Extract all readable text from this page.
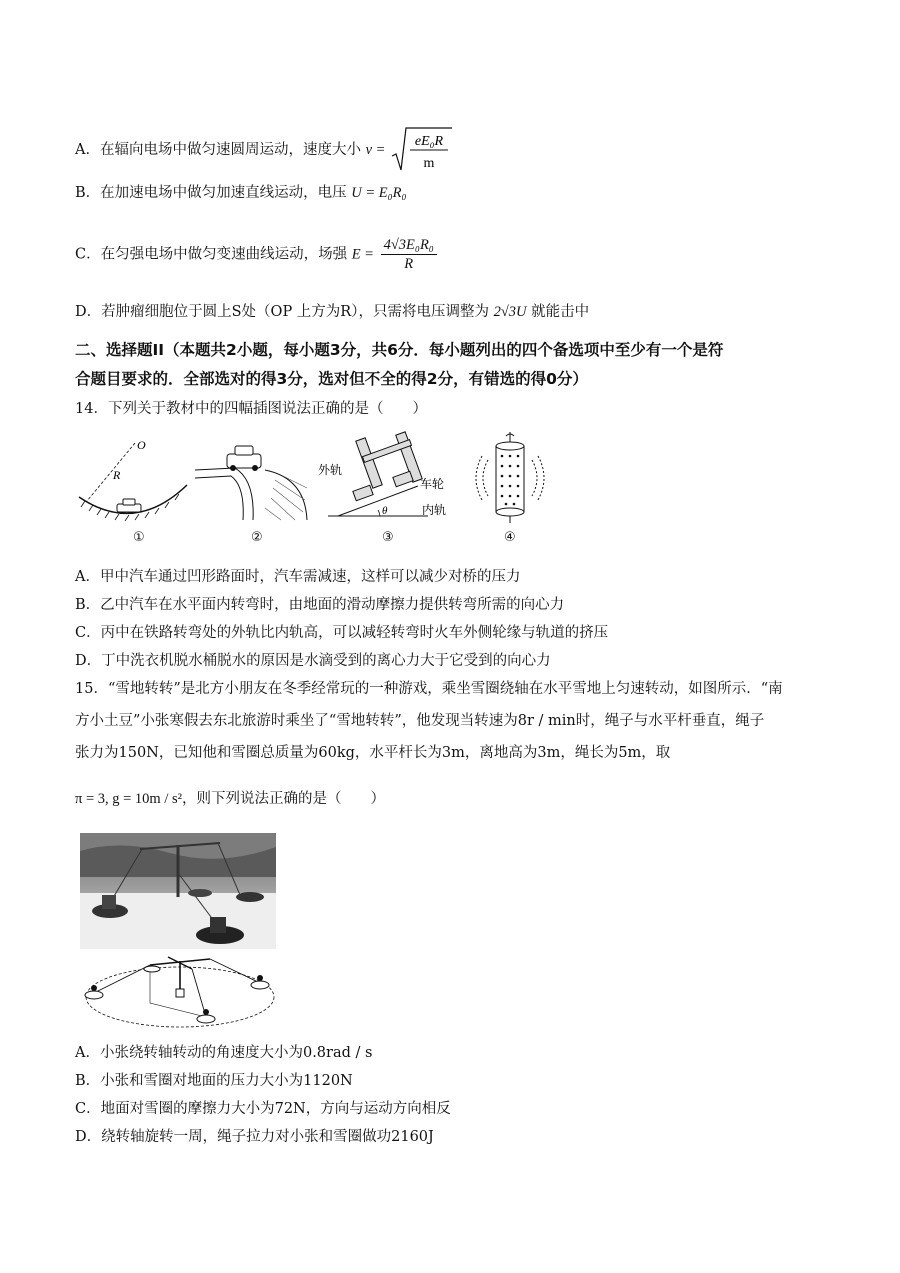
A．在辐向电场中做匀速圆周运动，速度大小 v =
eE₀R
m
B．在加速电场中做匀加速直线运动，电压 U = E₀R₀
C．在匀强电场中做匀变速曲线运动，场强 $E = \frac{\text{4√3E₀R₀}}{R}$
D．若肿瘤细胞位于圆上S处（OP 上方为R），只需将电压调整为 2√3U 就能击中
二、选择题II（本题共2小题，每小题3分，共6分．每小题列出的四个备选项中至少有一个是符
合题目要求的．全部选对的得3分，选对但不全的得2分，有错选的得0分）
14．下列关于教材中的四幅插图说法正确的是（　　）
O
R
①	②
θ
外轨
车轮
内轨
③	④
A．甲中汽车通过凹形路面时，汽车需减速，这样可以减少对桥的压力
B．乙中汽车在水平面内转弯时，由地面的滑动摩擦力提供转弯所需的向心力
C．丙中在铁路转弯处的外轨比内轨高，可以减轻转弯时火车外侧轮缘与轨道的挤压
D．丁中洗衣机脱水桶脱水的原因是水滴受到的离心力大于它受到的向心力
15．“雪地转转”是北方小朋友在冬季经常玩的一种游戏，乘坐雪圈绕轴在水平雪地上匀速转动，如图所示．“南
方小土豆”小张寒假去东北旅游时乘坐了“雪地转转”，他发现当转速为8r / min时，绳子与水平杆垂直，绳子
张力为150N，已知他和雪圈总质量为60kg，水平杆长为3m，离地高为3m，绳长为5m，取
π = 3, g = 10m / s²，则下列说法正确的是（　　）
A．小张绕转轴转动的角速度大小为0.8rad / s
B．小张和雪圈对地面的压力大小为1120N
C．地面对雪圈的摩擦力大小为72N，方向与运动方向相反
D．绕转轴旋转一周，绳子拉力对小张和雪圈做功2160J
